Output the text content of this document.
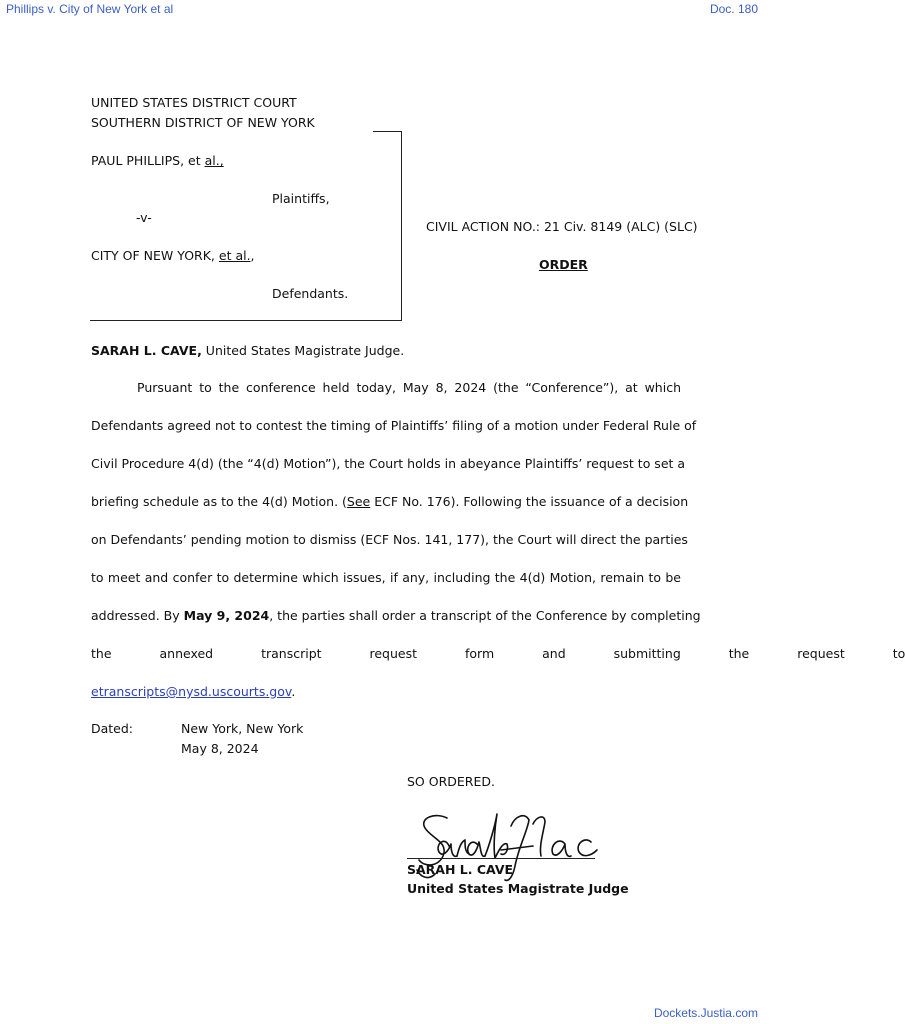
Phillips v. City of New York et al	Doc. 180
UNITED STATES DISTRICT COURT
SOUTHERN DISTRICT OF NEW YORK
PAUL PHILLIPS, et al.,
Plaintiffs,
-v-
CITY OF NEW YORK, et al.,
Defendants.
CIVIL ACTION NO.: 21 Civ. 8149 (ALC) (SLC)
ORDER
SARAH L. CAVE, United States Magistrate Judge.
Pursuant to the conference held today, May 8, 2024 (the “Conference”), at which
Defendants agreed not to contest the timing of Plaintiffs’ filing of a motion under Federal Rule of
Civil Procedure 4(d) (the “4(d) Motion”), the Court holds in abeyance Plaintiffs’ request to set a
briefing schedule as to the 4(d) Motion. (See ECF No. 176). Following the issuance of a decision
on Defendants’ pending motion to dismiss (ECF Nos. 141, 177), the Court will direct the parties
to meet and confer to determine which issues, if any, including the 4(d) Motion, remain to be
addressed. By May 9, 2024, the parties shall order a transcript of the Conference by completing
the annexed transcript request form and submitting the request to
etranscripts@nysd.uscourts.gov.
Dated:	New York, New York
May 8, 2024
SO ORDERED.
SARAH L. CAVE
United States Magistrate Judge
Dockets.Justia.com
